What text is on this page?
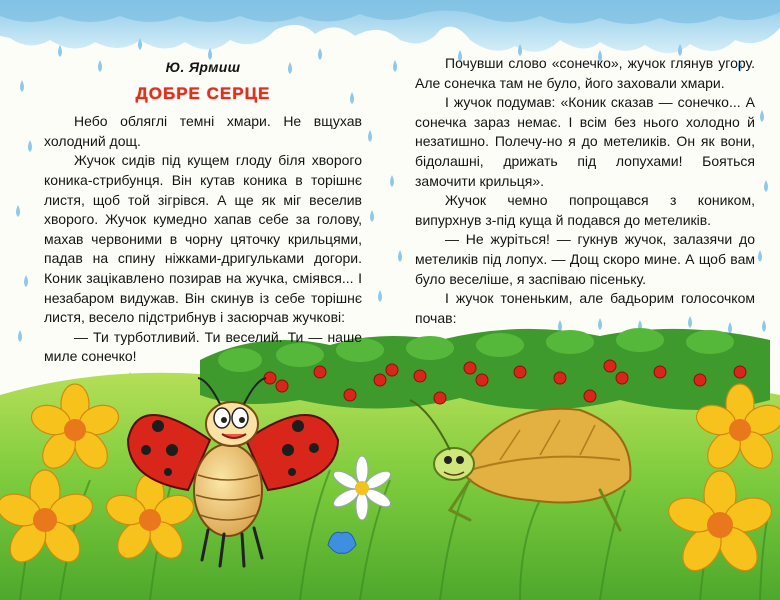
Ю. Ярмиш
ДОБРЕ СЕРЦЕ

Небо обляглi темнi хмари. Не вщухав холодний дощ.

Жучок сидiв пiд кущем глоду бiля хворого коника-стрибунця. Вiн кутав коника в торiшнє листя, щоб той зiгрiвся. А ще як мiг веселив хворого. Жучок кумедно хапав себе за голову, махав червоними в чорну цяточку крильцями, падав на спину нiжками-дригульками догори. Коник зацiкавлено позирав на жучка, смiявся... I незабаром видужав. Вiн скинув iз себе торiшнє листя, весело пiдстрибнув i засюрчав жучковi:

— Ти турботливий. Ти веселий. Ти — наше миле сонечко!

Почувши слово «сонечко», жучок глянув угору. Але сонечка там не було, його заховали хмари.

I жучок подумав: «Коник сказав — сонечко... А сонечка зараз немає. I всiм без нього холодно й незатишно. Полечу-но я до метеликiв. Он як вони, бiдолашнi, дрижать пiд лопухами! Бояться замочити крильця».

Жучок чемно попрощався з коником, випурхнув з-пiд куща й подався до метеликiв.

— Не журiться! — гукнув жучок, залазячи до метеликiв пiд лопух. — Дощ скоро мине. А щоб вам було веселiше, я заспiваю пiсеньку.

I жучок тоненьким, але бадьорим голосочком почав:
